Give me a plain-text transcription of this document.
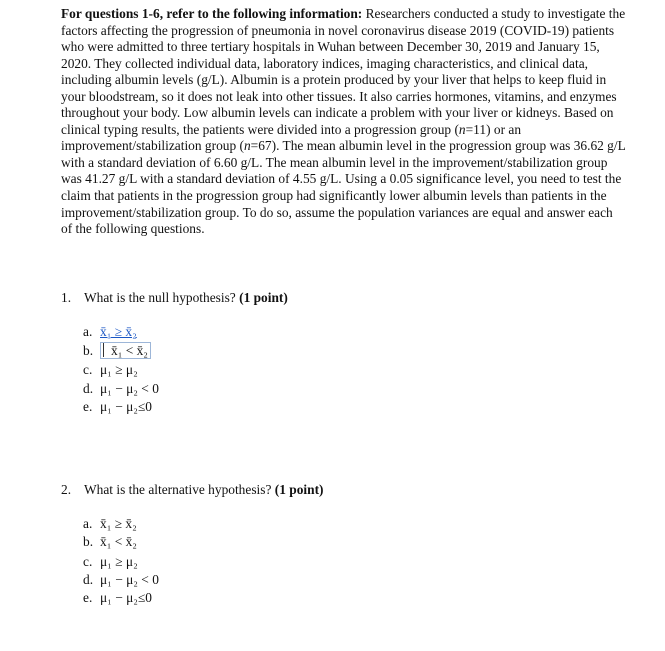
For questions 1-6, refer to the following information: Researchers conducted a study to investigate the factors affecting the progression of pneumonia in novel coronavirus disease 2019 (COVID-19) patients who were admitted to three tertiary hospitals in Wuhan between December 30, 2019 and January 15, 2020. They collected individual data, laboratory indices, imaging characteristics, and clinical data, including albumin levels (g/L). Albumin is a protein produced by your liver that helps to keep fluid in your bloodstream, so it does not leak into other tissues. It also carries hormones, vitamins, and enzymes throughout your body. Low albumin levels can indicate a problem with your liver or kidneys. Based on clinical typing results, the patients were divided into a progression group (n=11) or an improvement/stabilization group (n=67). The mean albumin level in the progression group was 36.62 g/L with a standard deviation of 6.60 g/L. The mean albumin level in the improvement/stabilization group was 41.27 g/L with a standard deviation of 4.55 g/L. Using a 0.05 significance level, you need to test the claim that patients in the progression group had significantly lower albumin levels than patients in the improvement/stabilization group. To do so, assume the population variances are equal and answer each of the following questions.
1. What is the null hypothesis? (1 point)
a. x̄₁ ≥ x̄₂
b. x̄₁ < x̄₂
c. μ₁ ≥ μ₂
d. μ₁ − μ₂ < 0
e. μ₁ − μ₂≤0
2. What is the alternative hypothesis? (1 point)
a. x̄₁ ≥ x̄₂
b. x̄₁ < x̄₂
c. μ₁ ≥ μ₂
d. μ₁ − μ₂ < 0
e. μ₁ − μ₂≤0
